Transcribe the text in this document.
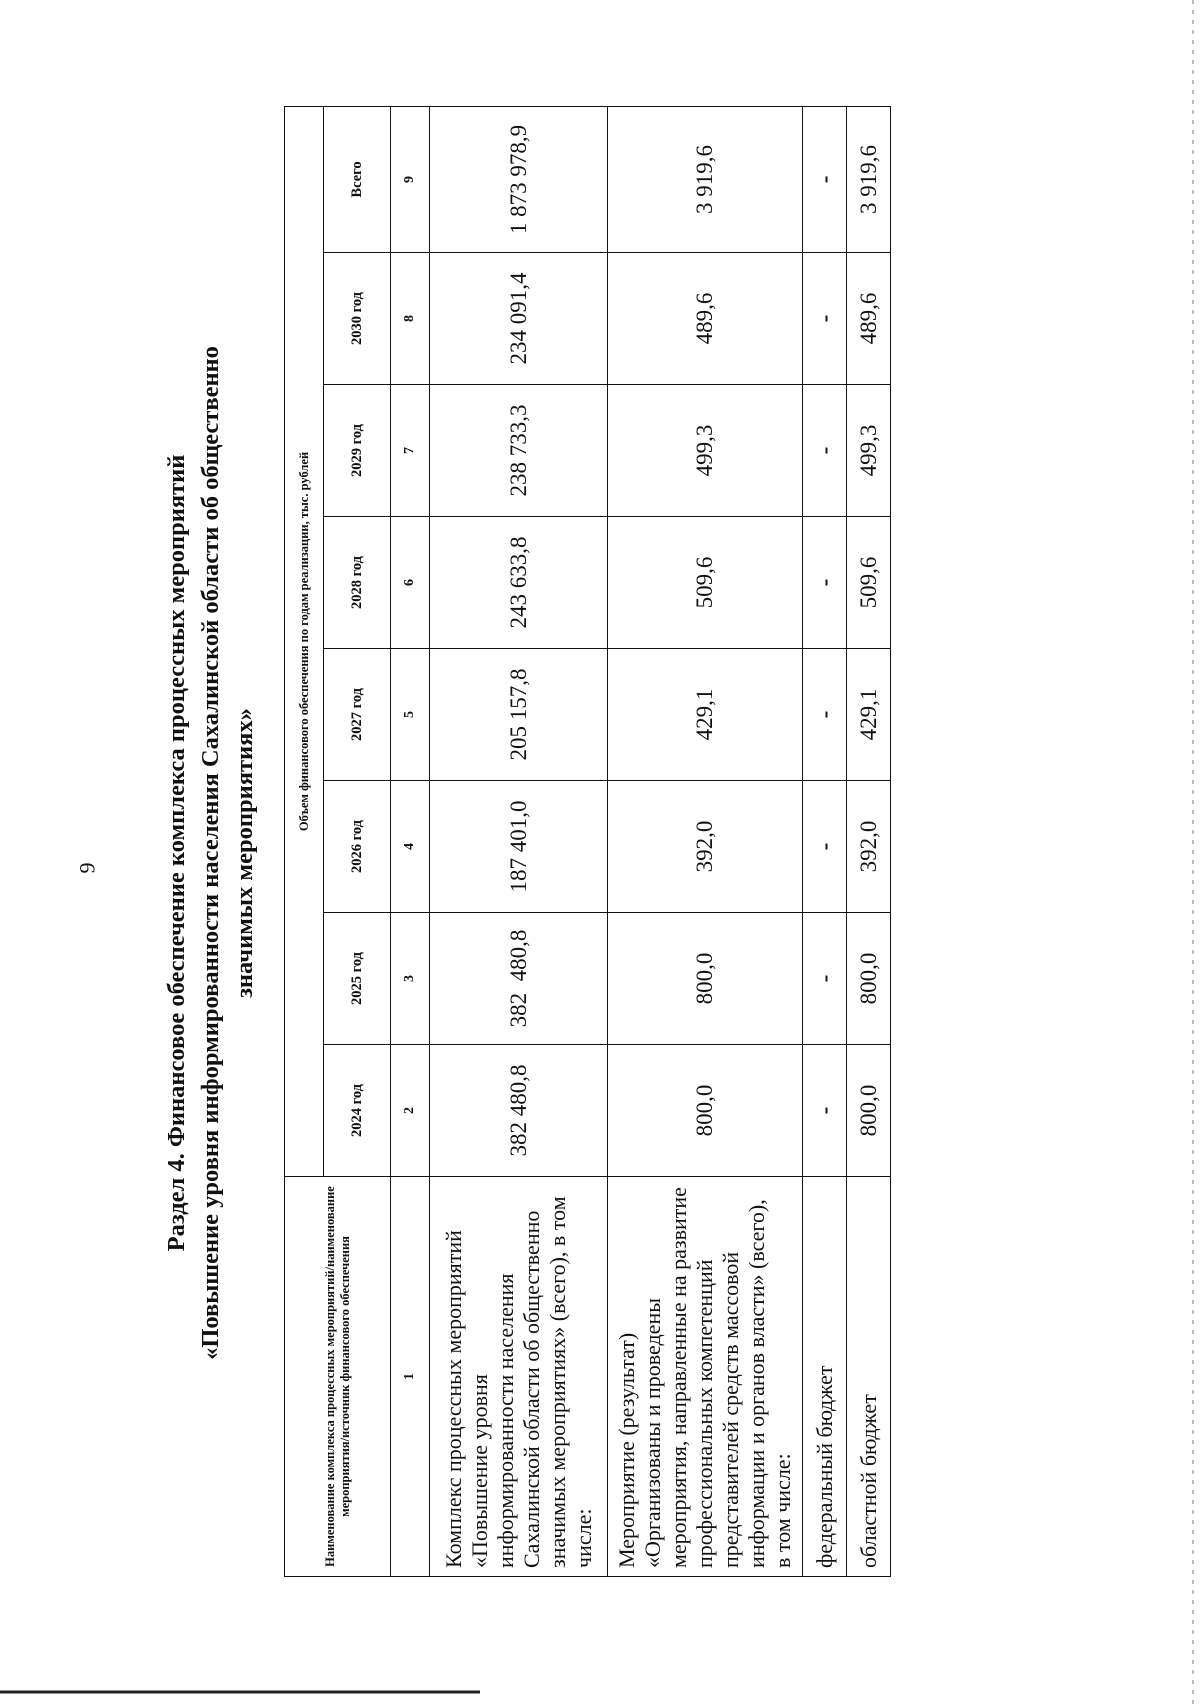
9	Раздел 4. Финансовое обеспечение комплекса процессных мероприятий «Повышение уровня информированности населения Сахалинской области об общественно значимых мероприятиях»
Наименование комплекса процессных мероприятий/наименование мероприятия/источник финансового обеспечения	Объем финансового обеспечения по годам реализации, тыс. рублей							
	2024 год	2025 год	2026 год	2027 год	2028 год	2029 год	2030 год	Всего
1	2	3	4	5	6	7	8	9
Комплекс процессных мероприятий «Повышение уровня информированности населения Сахалинской области об общественно значимых мероприятиях» (всего), в том числе:	382 480,8	382  480,8	187 401,0	205 157,8	243 633,8	238 733,3	234 091,4	1 873 978,9
Мероприятие (результат) «Организованы и проведены мероприятия, направленные на развитие профессиональных компетенций представителей средств массовой информации и органов власти» (всего), в том числе:	800,0	800,0	392,0	429,1	509,6	499,3	489,6	3 919,6
федеральный бюджет	-	-	-	-	-	-	-	-
областной бюджет	800,0	800,0	392,0	429,1	509,6	499,3	489,6	3 919,6
